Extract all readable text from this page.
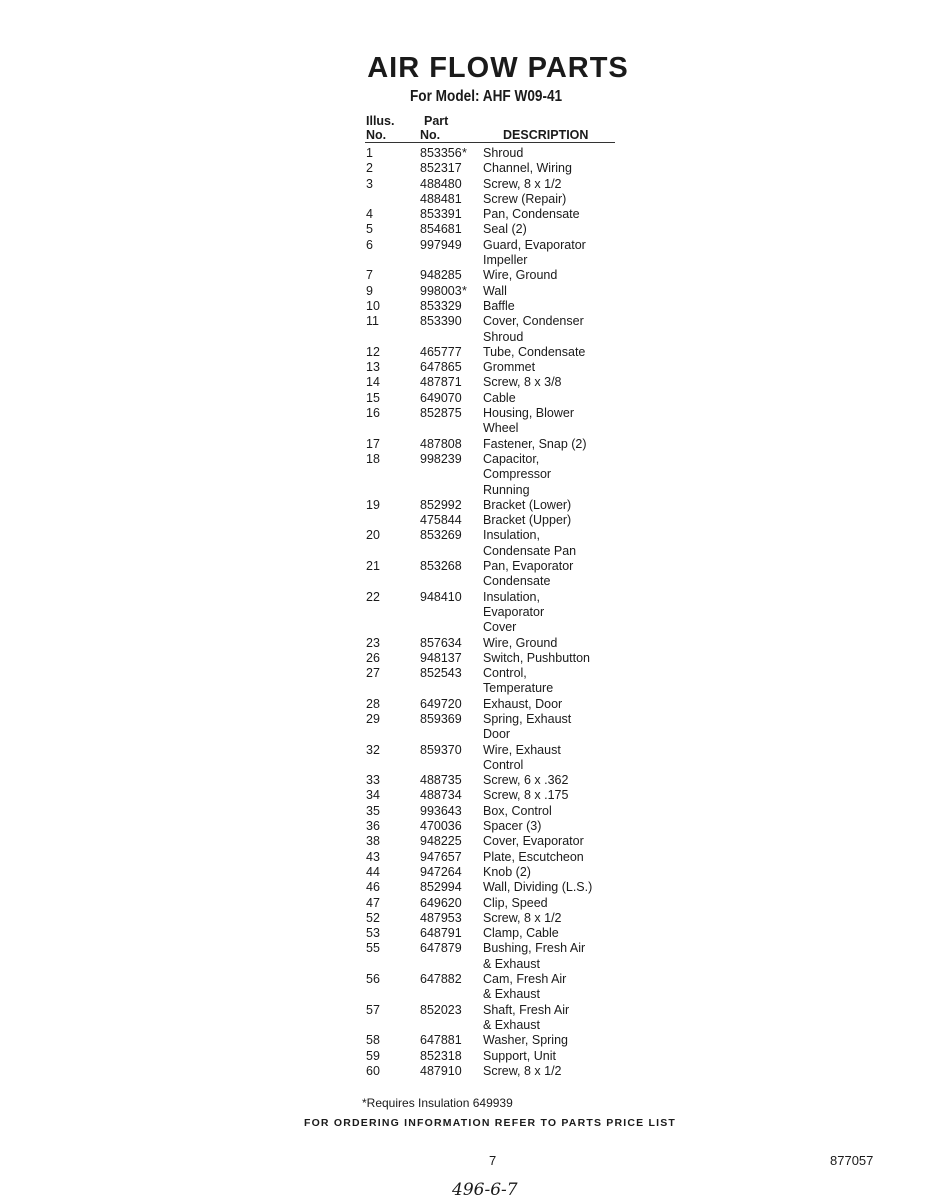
AIR FLOW PARTS
For Model: AHF W09-41
Illus.
No.
Part
No.	DESCRIPTION
1	853356 * Shroud
2	852317 Channel, Wiring
3	488480 Screw, 8 x 1/2
488481 Screw (Repair)
4	853391 Pan, Condensate
5	854681 Seal (2)
6	997949 Guard, Evaporator
Impeller
7	948285 Wire, Ground
9	998003 * Wall
10	853329 Baffle
11	853390 Cover, Condenser
Shroud
12	465777 Tube, Condensate
13	647865 Grommet
14	487871 Screw, 8 x 3/8
15	649070 Cable
16	852875 Housing, Blower
Wheel
17	487808 Fastener, Snap (2)
18	998239 Capacitor,
Compressor
Running
19	852992 Bracket (Lower)
475844 Bracket (Upper)
20	853269 Insulation,
Condensate Pan
21	853268 Pan, Evaporator
Condensate
22	948410 Insulation,
Evaporator
Cover
23	857634 Wire, Ground
26	948137 Switch, Pushbutton
27	852543 Control,
Temperature
28	649720 Exhaust, Door
29	859369 Spring, Exhaust
Door
32	859370 Wire, Exhaust
Control
33	488735 Screw, 6 x .362
34	488734 Screw, 8 x .175
35	993643 Box, Control
36	470036 Spacer (3)
38	948225 Cover, Evaporator
43	947657 Plate, Escutcheon
44	947264 Knob (2)
46	852994 Wall, Dividing (L.S.)
47	649620 Clip, Speed
52	487953 Screw, 8 x 1/2
53	648791 Clamp, Cable
55	647879 Bushing, Fresh Air
& Exhaust
56	647882 Cam, Fresh Air
& Exhaust
57	852023 Shaft, Fresh Air
& Exhaust
58	647881 Washer, Spring
59	852318 Support, Unit
60	487910 Screw, 8 x 1/2
*Requires Insulation 649939
FOR ORDERING INFORMATION REFER TO PARTS PRICE LIST
7	877057
496-6-7
